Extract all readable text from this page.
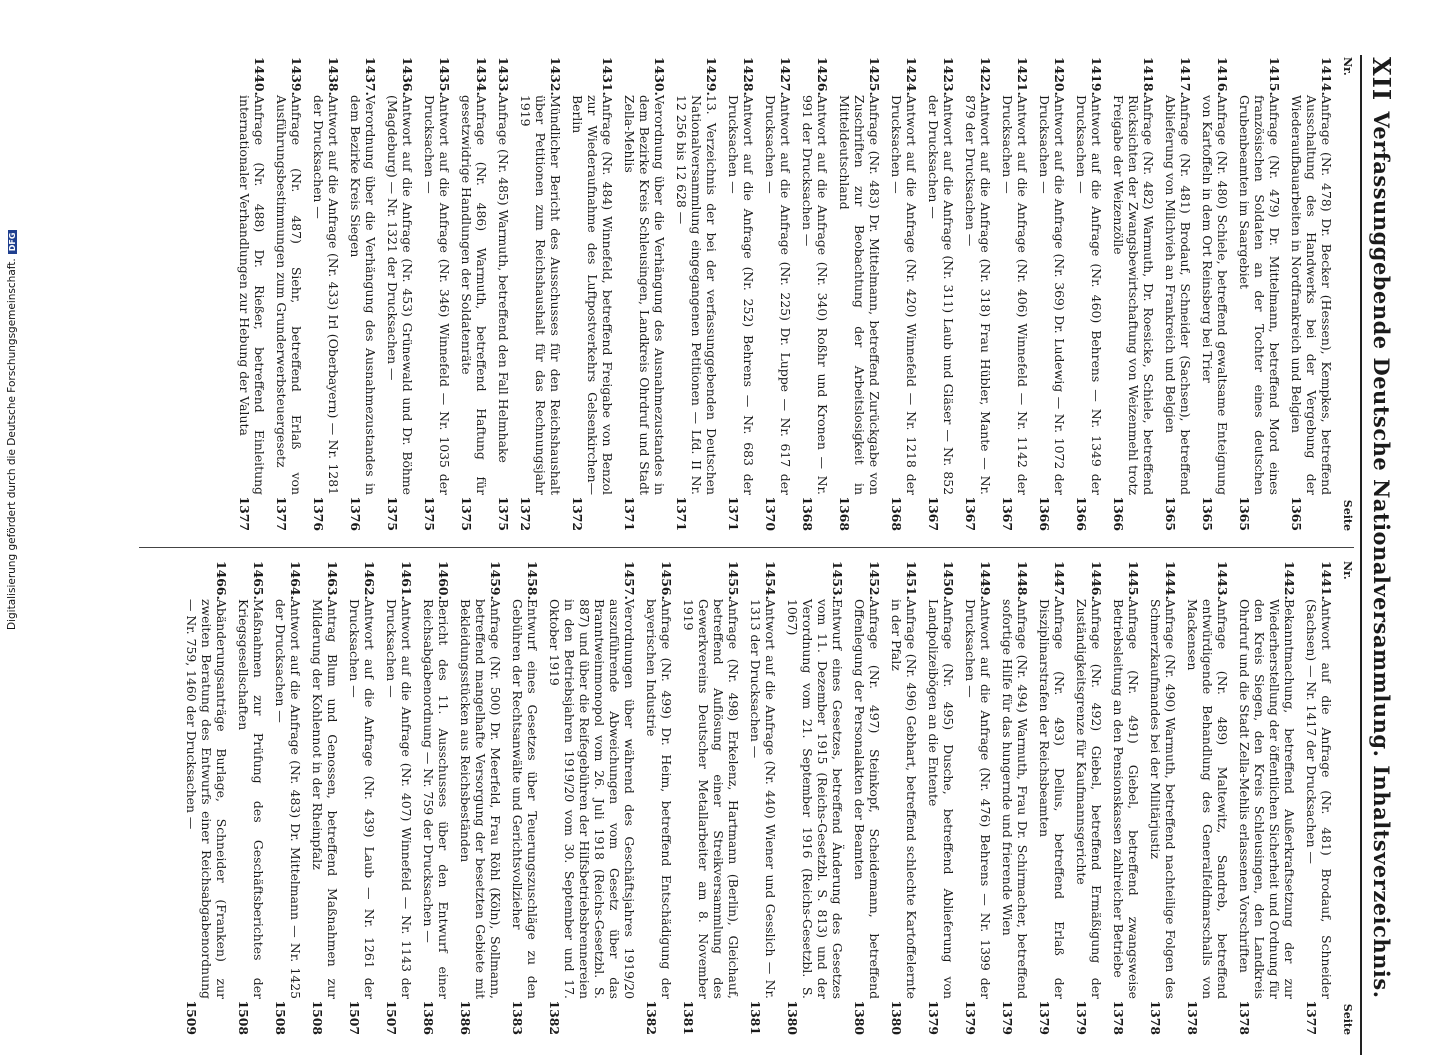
XII
Verfassunggebende Deutsche Nationalversammlung. Inhaltsverzeichnis.
Nr.
Seite
1414.
Anfrage (Nr. 478) Dr. Becker (Hessen), Kempkes, betreffend Ausschaltung des Handwerks bei der Vergebung der Wiederaufbauarbeiten in Nordfrankreich und Belgien
1365
1415.
Anfrage (Nr. 479) Dr. Mittelmann, betreffend Mord eines französischen Soldaten an der Tochter eines deutschen Grubenbeamten im Saargebiet
1365
1416.
Anfrage (Nr. 480) Schiele, betreffend gewaltsame Enteignung von Kartoffeln in dem Ort Reinsberg bei Trier
1365
1417.
Anfrage (Nr. 481) Brodauf, Schneider (Sachsen), betreffend Ablieferung von Milchvieh an Frankreich und Belgien
1365
1418.
Anfrage (Nr. 482) Warmuth, Dr. Roesicke, Schiele, betreffend Rücksichten der Zwangsbewirtschaftung von Weizenmehl trotz Freigabe der Weizenzölle
1366
1419.
Antwort auf die Anfrage (Nr. 460) Behrens — Nr. 1349 der Drucksachen —
1366
1420.
Antwort auf die Anfrage (Nr. 369) Dr. Ludewig — Nr. 1072 der Drucksachen —
1366
1421.
Antwort auf die Anfrage (Nr. 406) Winnefeld — Nr. 1142 der Drucksachen —
1367
1422.
Antwort auf die Anfrage (Nr. 318) Frau Hübler, Mante — Nr. 879 der Drucksachen —
1367
1423.
Antwort auf die Anfrage (Nr. 311) Laub und Gläser — Nr. 852 der Drucksachen —
1367
1424.
Antwort auf die Anfrage (Nr. 420) Winnefeld — Nr. 1218 der Drucksachen —
1368
1425.
Anfrage (Nr. 483) Dr. Mittelmann, betreffend Zurückgabe von Zuschriften zur Beobachtung der Arbeitslosigkeit in Mitteldeutschland
1368
1426.
Antwort auf die Anfrage (Nr. 340) Roßhr und Kronen — Nr. 991 der Drucksachen —
1368
1427.
Antwort auf die Anfrage (Nr. 225) Dr. Luppe — Nr. 617 der Drucksachen —
1370
1428.
Antwort auf die Anfrage (Nr. 252) Behrens — Nr. 683 der Drucksachen —
1371
1429.
13. Verzeichnis der bei der verfassunggebenden Deutschen Nationalversammlung eingegangenen Petitionen — Lfd. II Nr. 12 256 bis 12 628 —
1371
1430.
Verordnung über die Verhängung des Ausnahmezustandes in dem Bezirke Kreis Schleusingen, Landkreis Ohrdruf und Stadt Zella-Mehlis
1371
1431.
Anfrage (Nr. 484) Winnefeld, betreffend Freigabe von Benzol zur Wiederaufnahme des Luftpostverkehrs Gelsenkirchen—Berlin
1372
1432.
Mündlicher Bericht des Ausschusses für den Reichshaushalt über Petitionen zum Reichshaushalt für das Rechnungsjahr 1919
1372
1433.
Anfrage (Nr. 485) Warmuth, betreffend den Fall Helmhake
1375
1434.
Anfrage (Nr. 486) Warmuth, betreffend Haftung für gesetzwidrige Handlungen der Soldatenräte
1375
1435.
Antwort auf die Anfrage (Nr. 346) Winnefeld — Nr. 1035 der Drucksachen —
1375
1436.
Antwort auf die Anfrage (Nr. 453) Grünewald und Dr. Böhme (Magdeburg) — Nr. 1321 der Drucksachen —
1375
1437.
Verordnung über die Verhängung des Ausnahmezustandes in dem Bezirke Kreis Siegen
1376
1438.
Antwort auf die Anfrage (Nr. 433) Irl (Oberbayern) — Nr. 1281 der Drucksachen —
1376
1439.
Anfrage (Nr. 487) Siehr, betreffend Erlaß von Ausführungsbestimmungen zum Grunderwerbsteuergesetz
1377
1440.
Anfrage (Nr. 488) Dr. Rießer, betreffend Einleitung internationaler Verhandlungen zur Hebung der Valuta
1377
Nr.
Seite
1441.
Antwort auf die Anfrage (Nr. 481) Brodauf, Schneider (Sachsen) — Nr. 1417 der Drucksachen —
1377
1442.
Bekanntmachung, betreffend Außerkraftsetzung der zur Wiederherstellung der öffentlichen Sicherheit und Ordnung für den Kreis Siegen, den Kreis Schleusingen, den Landkreis Ohrdruf und die Stadt Zella-Mehlis erlassenen Vorschriften
1378
1443.
Anfrage (Nr. 489) Maltewitz, Sandreb, betreffend entwürdigende Behandlung des Generalfeldmarschalls von Mackensen
1378
1444.
Anfrage (Nr. 490) Warmuth, betreffend nachteilige Folgen des Schmerzkaufmandes bei der Militärjustiz
1378
1445.
Anfrage (Nr. 491) Giebel, betreffend zwangsweise Betriebsleitung an den Pensionskassen zahlreicher Betriebe
1378
1446.
Anfrage (Nr. 492) Giebel, betreffend Ermäßigung der Zuständigkeitsgrenze für Kaufmannsgerichte
1379
1447.
Anfrage (Nr. 493) Delius, betreffend Erlaß der Disziplinarstrafen der Reichsbeamten
1379
1448.
Anfrage (Nr. 494) Warmuth, Frau Dr. Schirmacher, betreffend sofortige Hilfe für das hungernde und frierende Wien
1379
1449.
Antwort auf die Anfrage (Nr. 476) Behrens — Nr. 1399 der Drucksachen —
1379
1450.
Anfrage (Nr. 495) Dusche, betreffend Ablieferung von Landpolizeibögen an die Entente
1379
1451.
Anfrage (Nr. 496) Gebhart, betreffend schlechte Kartoffelernte in der Pfalz
1380
1452.
Anfrage (Nr. 497) Steinkopf, Scheidemann, betreffend Offenlegung der Personalakten der Beamten
1380
1453.
Entwurf eines Gesetzes, betreffend Änderung des Gesetzes vom 11. Dezember 1915 (Reichs-Gesetzbl. S. 813) und der Verordnung vom 21. September 1916 (Reichs-Gesetzbl. S. 1067)
1380
1454.
Antwort auf die Anfrage (Nr. 440) Wiener und Gesslich — Nr. 1313 der Drucksachen —
1381
1455.
Anfrage (Nr. 498) Erkelenz, Hartmann (Berlin), Gleichauf, betreffend Auflösung einer Streikversammlung des Gewerkvereins Deutscher Metallarbeiter am 8. November 1919
1381
1456.
Anfrage (Nr. 499) Dr. Heim, betreffend Entschädigung der bayerischen Industrie
1382
1457.
Verordnungen über während des Geschäftsjahres 1919/20 auszuführende Abweichungen vom Gesetz über das Branntweinmonopol vom 26. Juli 1918 (Reichs-Gesetzbl. S. 887) und über die Reifegebühren der Hilfsbetriebsbrennereien in den Betriebsjahren 1919/20 vom 30. September und 17. Oktober 1919
1382
1458.
Entwurf eines Gesetzes über Teuerungszuschläge zu den Gebühren der Rechtsanwälte und Gerichtsvollzieher
1383
1459.
Anfrage (Nr. 500) Dr. Meerfeld, Frau Röhl (Köln), Sollmann, betreffend mangelhafte Versorgung der besetzten Gebiete mit Bekleidungsstücken aus Reichsbeständen
1386
1460.
Bericht des 11. Ausschusses über den Entwurf einer Reichsabgabenordnung — Nr. 759 der Drucksachen —
1386
1461.
Antwort auf die Anfrage (Nr. 407) Winnefeld — Nr. 1143 der Drucksachen —
1507
1462.
Antwort auf die Anfrage (Nr. 439) Laub — Nr. 1261 der Drucksachen —
1507
1463.
Antrag Blum und Genossen, betreffend Maßnahmen zur Milderung der Kohlennot in der Rheinpfalz
1508
1464.
Antwort auf die Anfrage (Nr. 483) Dr. Mittelmann — Nr. 1425 der Drucksachen —
1508
1465.
Maßnahmen zur Prüfung des Geschäftsberichtes der Kriegsgesellschaften
1508
1466.
Abänderungsanträge Burlage, Schneider (Franken) zur zweiten Beratung des Entwurfs einer Reichsabgabenordnung — Nr. 759, 1460 der Drucksachen —
1509
Digitalisierung gefördert durch die Deutsche Forschungsgemeinschaft.DFG
